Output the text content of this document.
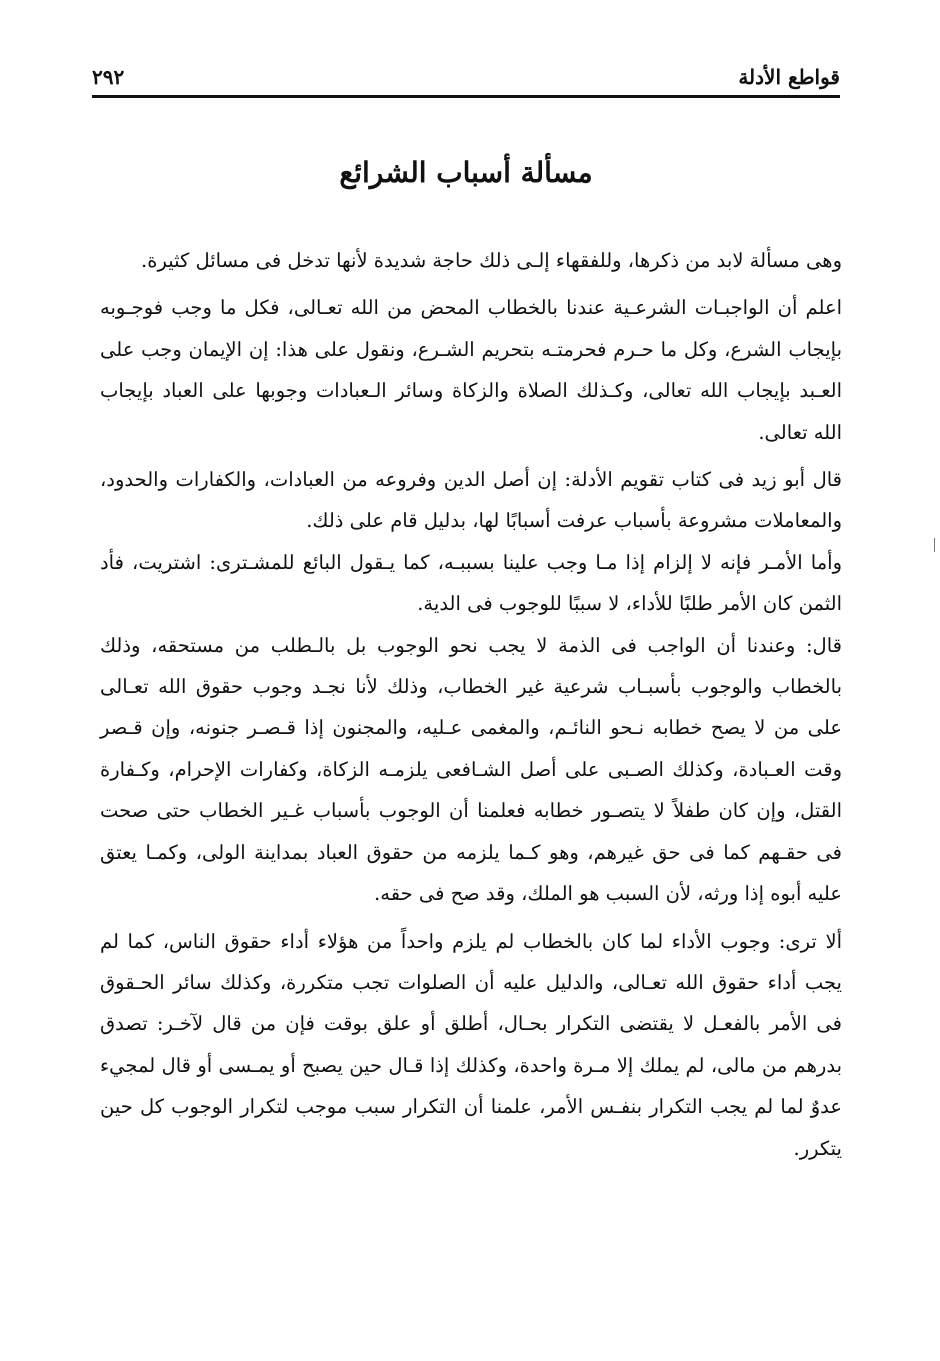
٢٩٢	قواطع الأدلة
مسألة أسباب الشرائع

وهى مسألة لابد من ذكرها، وللفقهاء إلـى ذلك حاجة شديدة لأنها تدخل فى مسائل كثيرة.

اعلم أن الواجبـات الشرعـية عندنا بالخطاب المحض من الله تعـالى، فكل ما وجب فوجـوبه بإيجاب الشرع، وكل ما حـرم فحرمتـه بتحريم الشـرع، ونقول على هذا: إن الإيمان وجب على العـبد بإيجاب الله تعالى، وكـذلك الصلاة والزكاة وسائر الـعبادات وجوبها على العباد بإيجاب الله تعالى.

قال أبو زيد فى كتاب تقويم الأدلة: إن أصل الدين وفروعه من العبادات، والكفارات والحدود، والمعاملات مشروعة بأسباب عرفت أسبابًا لها، بدليل قام على ذلك.

وأما الأمـر فإنه لا إلزام إذا مـا وجب علينا بسببـه، كما يـقول البائع للمشـترى: اشتريت، فأد الثمن كان الأمر طلبًا للأداء، لا سببًا للوجوب فى الدية.

قال: وعندنا أن الواجب فى الذمة لا يجب نحو الوجوب بل بالـطلب من مستحقه، وذلك بالخطاب والوجوب بأسبـاب شرعية غير الخطاب، وذلك لأنا نجـد وجوب حقوق الله تعـالى على من لا يصح خطابه نـحو النائـم، والمغمى عـليه، والمجنون إذا قـصـر جنونه، وإن قـصر وقت العـبادة، وكذلك الصـبى على أصل الشـافعى يلزمـه الزكاة، وكفارات الإحرام، وكـفارة القتل، وإن كان طفلاً لا يتصـور خطابه فعلمنا أن الوجوب بأسباب غـير الخطاب حتى صحت فى حقـهم كما فى حق غيرهم، وهو كـما يلزمه من حقوق العباد بمداينة الولى، وكمـا يعتق عليه أبوه إذا ورثه، لأن السبب هو الملك، وقد صح فى حقه.

ألا ترى: وجوب الأداء لما كان بالخطاب لم يلزم واحداً من هؤلاء أداء حقوق الناس، كما لم يجب أداء حقوق الله تعـالى، والدليل عليه أن الصلوات تجب متكررة، وكذلك سائر الحـقوق فى الأمر بالفعـل لا يقتضى التكرار بحـال، أطلق أو علق بوقت فإن من قال لآخـر: تصدق بدرهم من مالى، لم يملك إلا مـرة واحدة، وكذلك إذا قـال حين يصبح أو يمـسى أو قال لمجيء عدوٌ لما لم يجب التكرار بنفـس الأمر، علمنا أن التكرار سبب موجب لتكرار الوجوب كل حين يتكرر.
